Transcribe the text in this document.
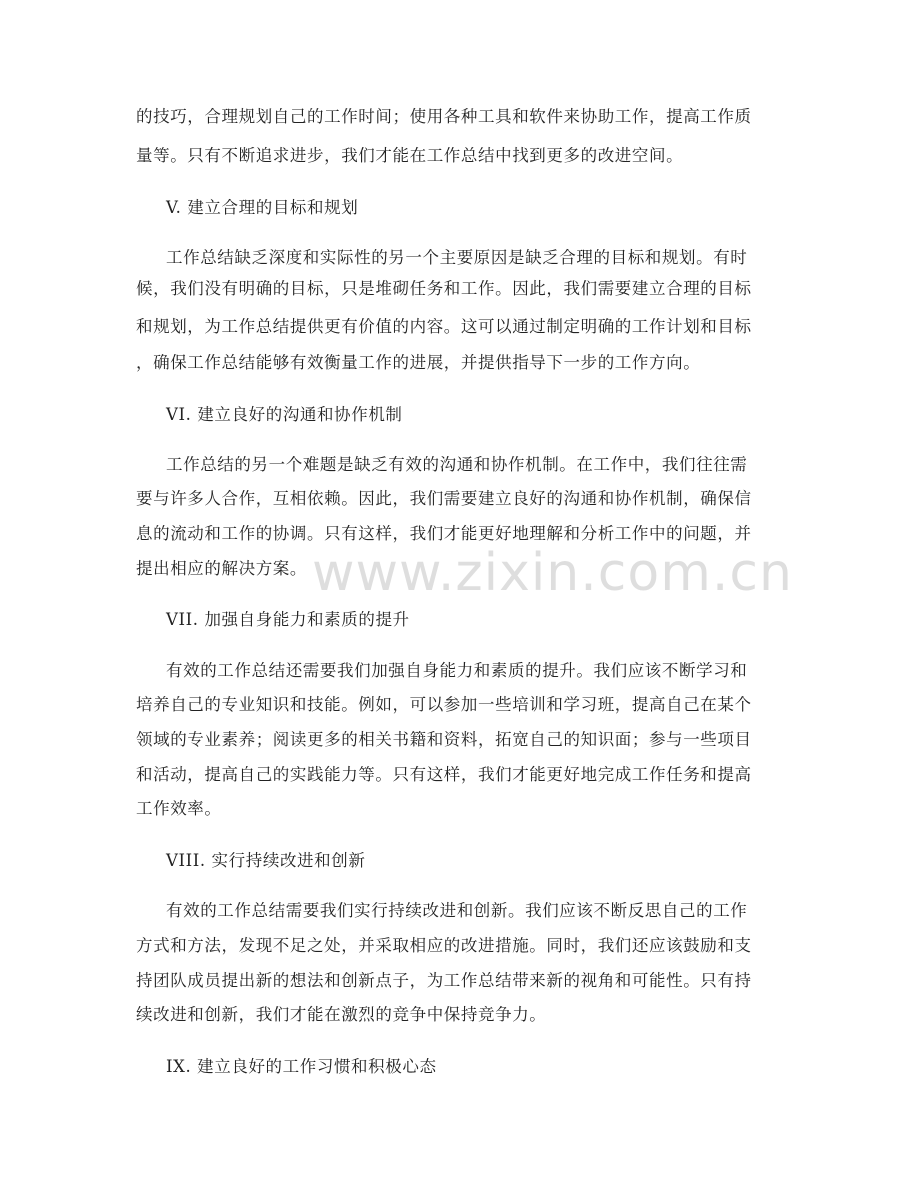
www.zixin.com.cn
的技巧，合理规划自己的工作时间；使用各种工具和软件来协助工作，提高工作质
量等。只有不断追求进步，我们才能在工作总结中找到更多的改进空间。
V. 建立合理的目标和规划
工作总结缺乏深度和实际性的另一个主要原因是缺乏合理的目标和规划。有时
候，我们没有明确的目标，只是堆砌任务和工作。因此，我们需要建立合理的目标
和规划，为工作总结提供更有价值的内容。这可以通过制定明确的工作计划和目标
，确保工作总结能够有效衡量工作的进展，并提供指导下一步的工作方向。
VI. 建立良好的沟通和协作机制
工作总结的另一个难题是缺乏有效的沟通和协作机制。在工作中，我们往往需
要与许多人合作，互相依赖。因此，我们需要建立良好的沟通和协作机制，确保信
息的流动和工作的协调。只有这样，我们才能更好地理解和分析工作中的问题，并
提出相应的解决方案。
VII. 加强自身能力和素质的提升
有效的工作总结还需要我们加强自身能力和素质的提升。我们应该不断学习和
培养自己的专业知识和技能。例如，可以参加一些培训和学习班，提高自己在某个
领域的专业素养；阅读更多的相关书籍和资料，拓宽自己的知识面；参与一些项目
和活动，提高自己的实践能力等。只有这样，我们才能更好地完成工作任务和提高
工作效率。
VIII. 实行持续改进和创新
有效的工作总结需要我们实行持续改进和创新。我们应该不断反思自己的工作
方式和方法，发现不足之处，并采取相应的改进措施。同时，我们还应该鼓励和支
持团队成员提出新的想法和创新点子，为工作总结带来新的视角和可能性。只有持
续改进和创新，我们才能在激烈的竞争中保持竞争力。
IX. 建立良好的工作习惯和积极心态
